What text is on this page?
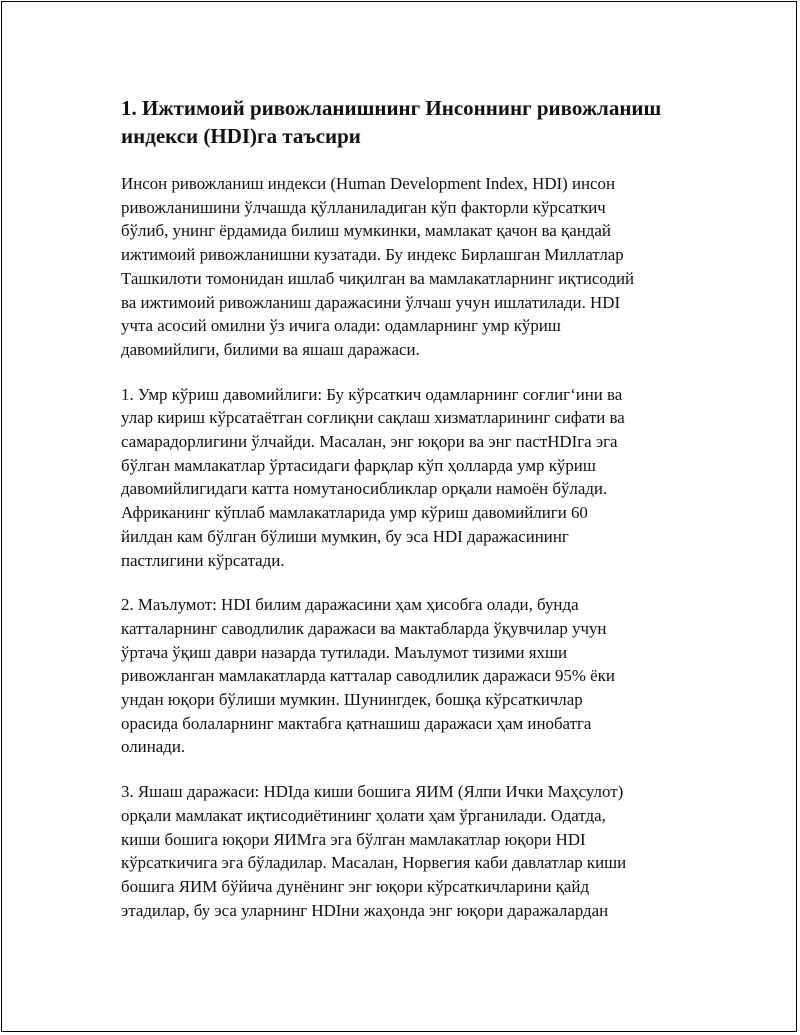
1. Ижтимоий ривожланишнинг Инсоннинг ривожланиш
индекси (HDI)га таъсири

Инсон ривожланиш индекси (Human Development Index, HDI) инсон
ривожланишини ўлчашда қўлланиладиган кўп факторли кўрсаткич
бўлиб, унинг ёрдамида билиш мумкинки, мамлакат қачон ва қандай
ижтимоий ривожланишни кузатади. Бу индекс Бирлашган Миллатлар
Ташкилоти томонидан ишлаб чиқилган ва мамлакатларнинг иқтисодий
ва ижтимоий ривожланиш даражасини ўлчаш учун ишлатилади. HDI
учта асосий омилни ўз ичига олади: одамларнинг умр кўриш
давомийлиги, билими ва яшаш даражаси.

1. Умр кўриш давомийлиги: Бу кўрсаткич одамларнинг соғлиг‘ини ва
улар кириш кўрсатаётган соғлиқни сақлаш хизматларининг сифати ва
самарадорлигини ўлчайди. Масалан, энг юқори ва энг пастHDIга эга
бўлган мамлакатлар ўртасидаги фарқлар кўп ҳолларда умр кўриш
давомийлигидаги катта номутаносибликлар орқали намоён бўлади.
Африканинг кўплаб мамлакатларида умр кўриш давомийлиги 60
йилдан кам бўлган бўлиши мумкин, бу эса HDI даражасининг
пастлигини кўрсатади.

2. Маълумот: HDI билим даражасини ҳам ҳисобга олади, бунда
катталарнинг саводлилик даражаси ва мактабларда ўқувчилар учун
ўртача ўқиш даври назарда тутилади. Маълумот тизими яхши
ривожланган мамлакатларда катталар саводлилик даражаси 95% ёки
ундан юқори бўлиши мумкин. Шунингдек, бошқа кўрсаткичлар
орасида болаларнинг мактабга қатнашиш даражаси ҳам инобатга
олинади.

3. Яшаш даражаси: HDIда киши бошига ЯИМ (Ялпи Ички Маҳсулот)
орқали мамлакат иқтисодиётининг ҳолати ҳам ўрганилади. Одатда,
киши бошига юқори ЯИМга эга бўлган мамлакатлар юқори HDI
кўрсаткичига эга бўладилар. Масалан, Норвегия каби давлатлар киши
бошига ЯИМ бўйича дунёнинг энг юқори кўрсаткичларини қайд
этадилар, бу эса уларнинг HDIни жаҳонда энг юқори даражалардан
